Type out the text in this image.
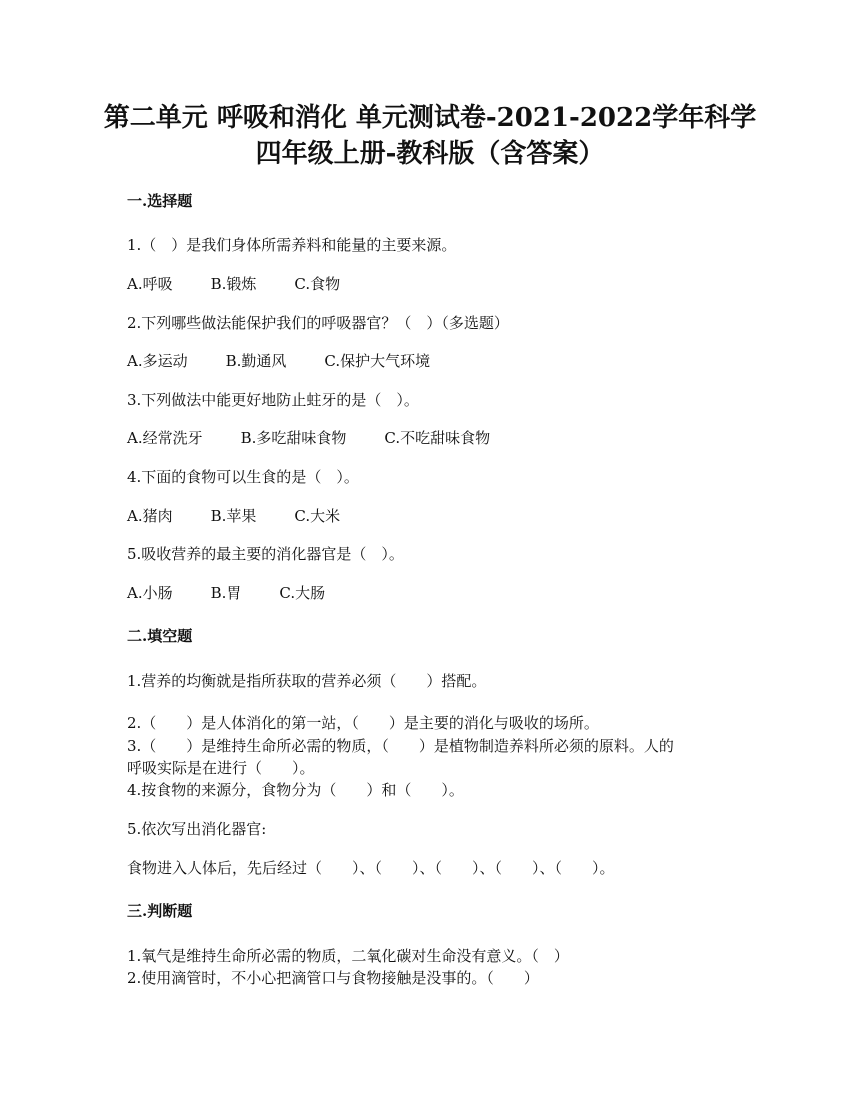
第二单元 呼吸和消化 单元测试卷-2021-2022学年科学
四年级上册-教科版（含答案）
一.选择题
1.（　）是我们身体所需养料和能量的主要来源。
A.呼吸	B.锻炼	C.食物
2.下列哪些做法能保护我们的呼吸器官？（　）（多选题）
A.多运动	B.勤通风	C.保护大气环境
3.下列做法中能更好地防止蛀牙的是（　）。
A.经常洗牙	B.多吃甜味食物	C.不吃甜味食物
4.下面的食物可以生食的是（　）。
A.猪肉	B.苹果	C.大米
5.吸收营养的最主要的消化器官是（　）。
A.小肠	B.胃	C.大肠
二.填空题
1.营养的均衡就是指所获取的营养必须（　　）搭配。
2.（　　）是人体消化的第一站，（　　）是主要的消化与吸收的场所。
3.（　　）是维持生命所必需的物质，（　　）是植物制造养料所必须的原料。人的
呼吸实际是在进行（　　）。
4.按食物的来源分，食物分为（　　）和（　　）。
5.依次写出消化器官:
食物进入人体后，先后经过（　　）、（　　）、（　　）、（　　）、（　　）。
三.判断题
1.氧气是维持生命所必需的物质，二氧化碳对生命没有意义。（　）
2.使用滴管时，不小心把滴管口与食物接触是没事的。（　　）
